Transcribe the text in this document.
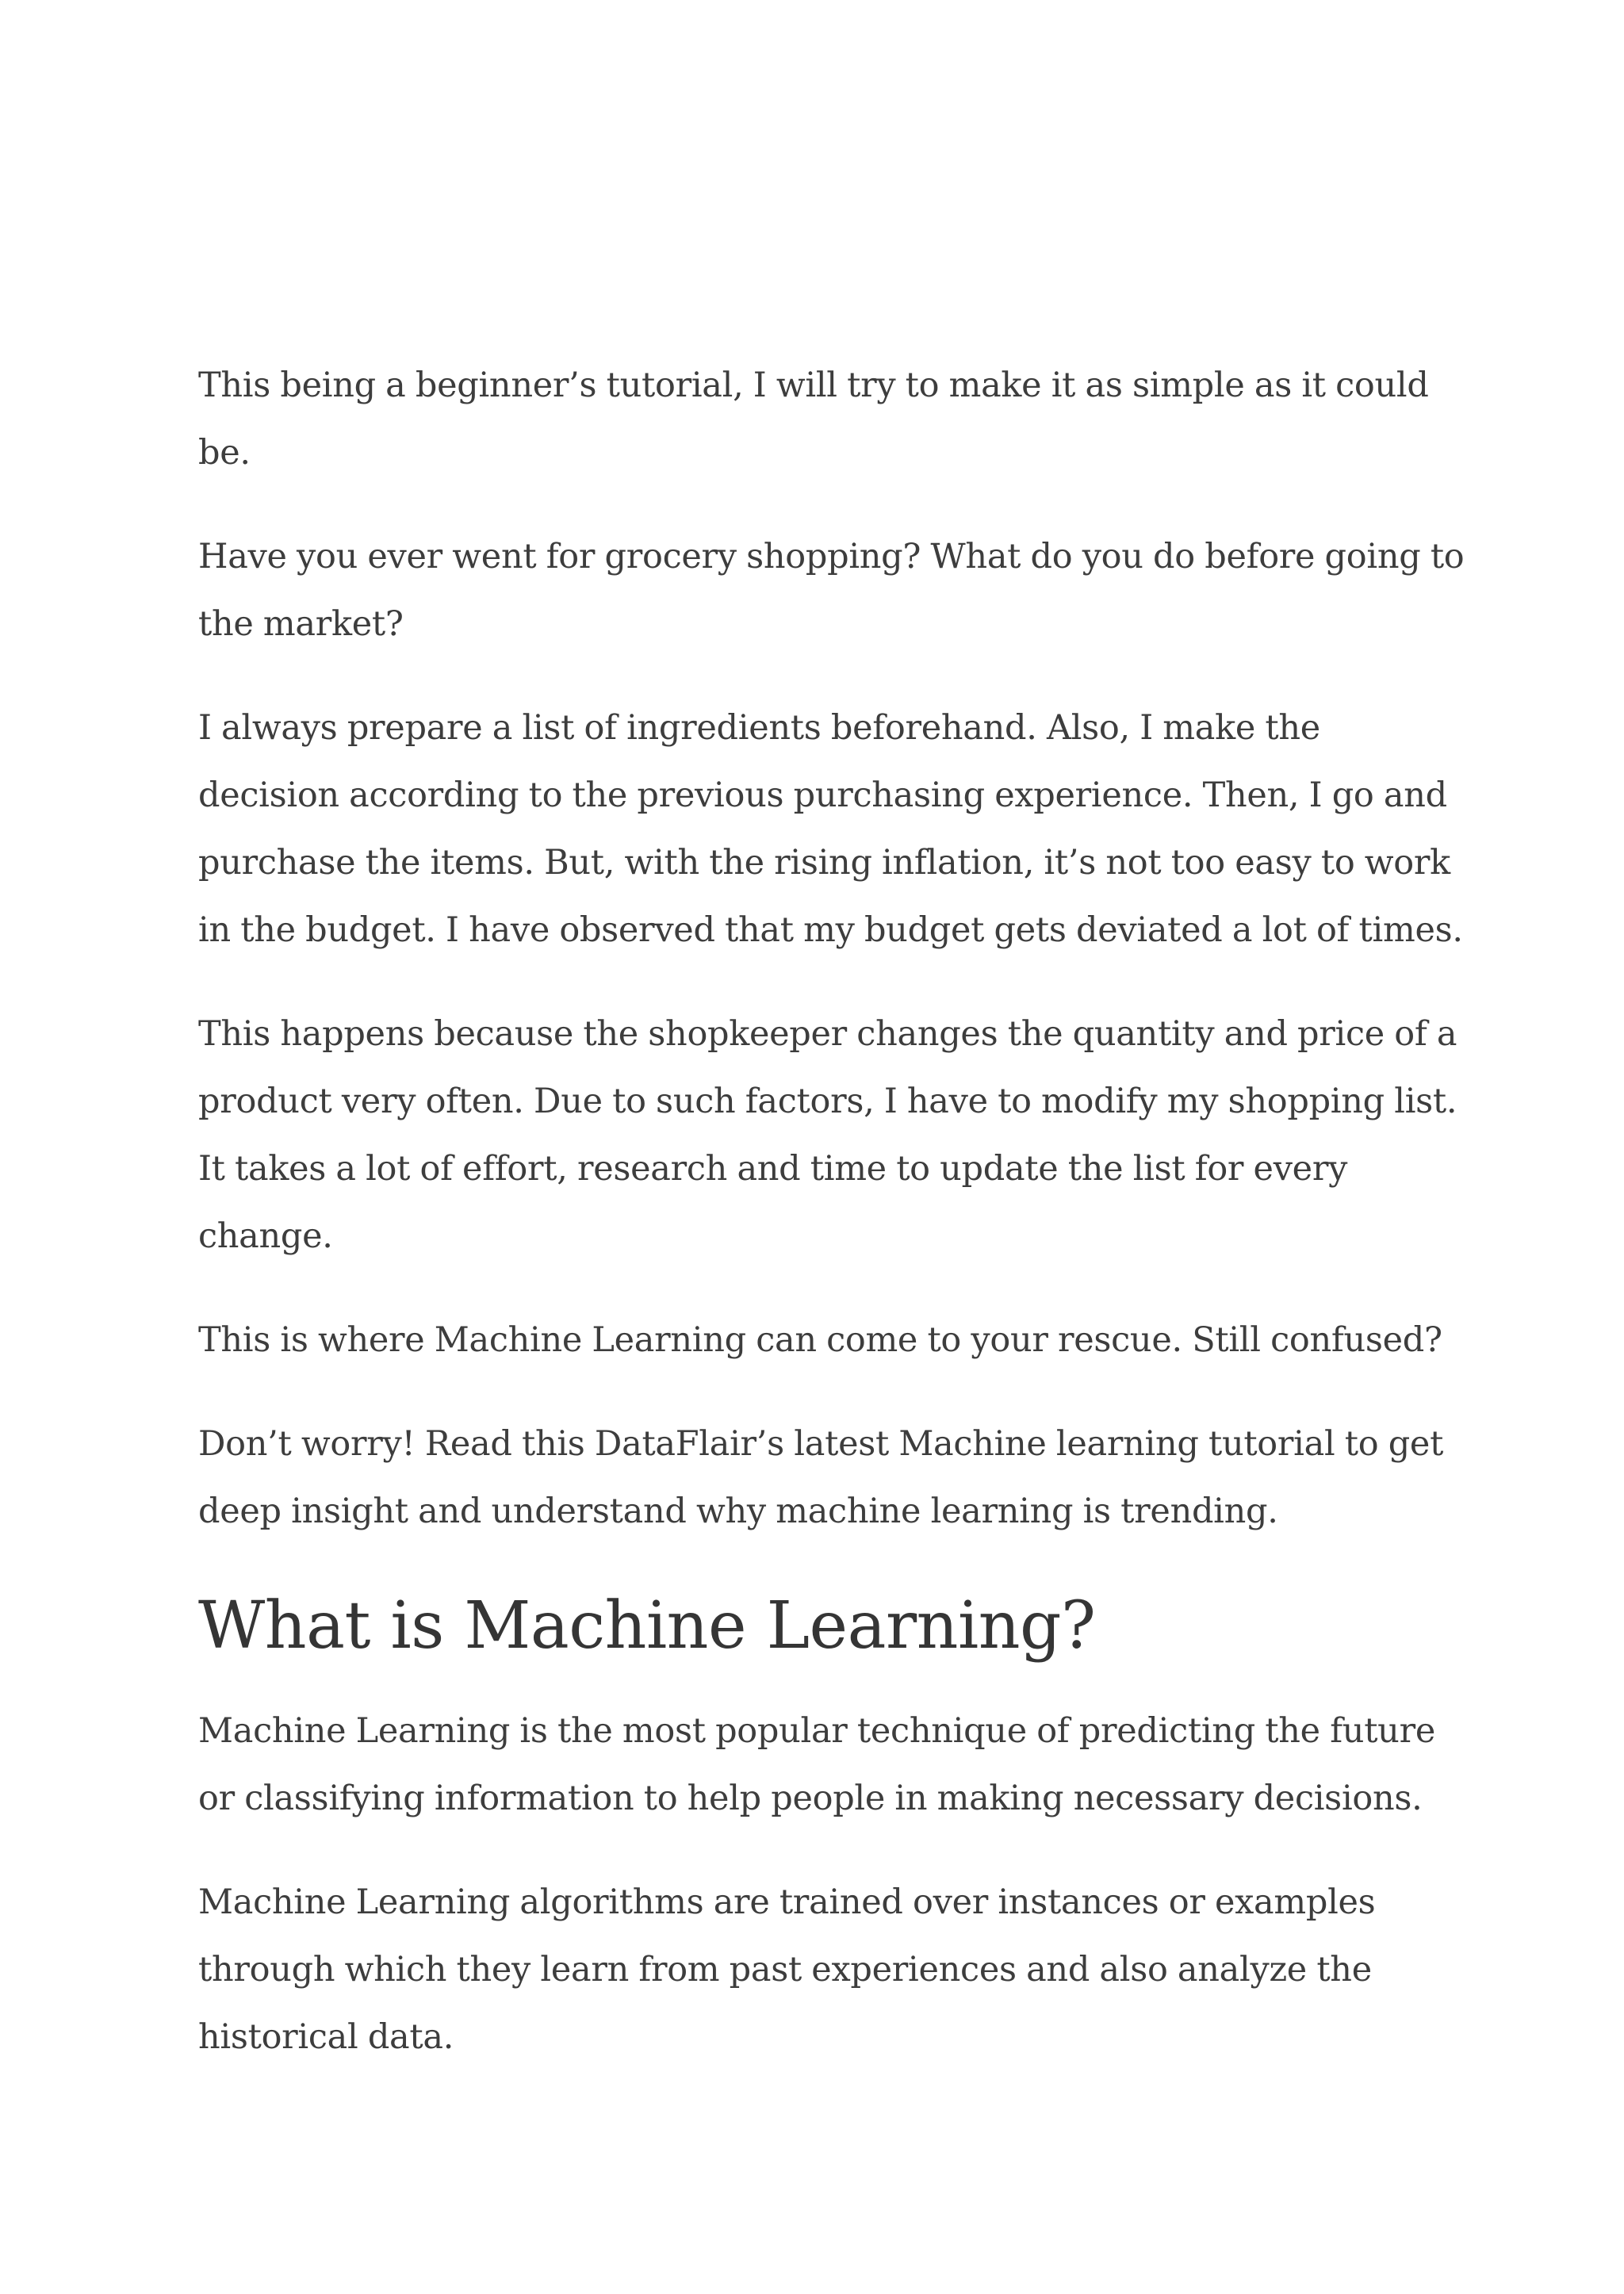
This being a beginner’s tutorial, I will try to make it as simple as it could be.

Have you ever went for grocery shopping? What do you do before going to the market?

I always prepare a list of ingredients beforehand. Also, I make the decision according to the previous purchasing experience. Then, I go and purchase the items. But, with the rising inflation, it’s not too easy to work in the budget. I have observed that my budget gets deviated a lot of times.

This happens because the shopkeeper changes the quantity and price of a product very often. Due to such factors, I have to modify my shopping list. It takes a lot of effort, research and time to update the list for every change.

This is where Machine Learning can come to your rescue. Still confused?

Don’t worry! Read this DataFlair’s latest Machine learning tutorial to get deep insight and understand why machine learning is trending.

What is Machine Learning?

Machine Learning is the most popular technique of predicting the future or classifying information to help people in making necessary decisions.

Machine Learning algorithms are trained over instances or examples through which they learn from past experiences and also analyze the historical data.
